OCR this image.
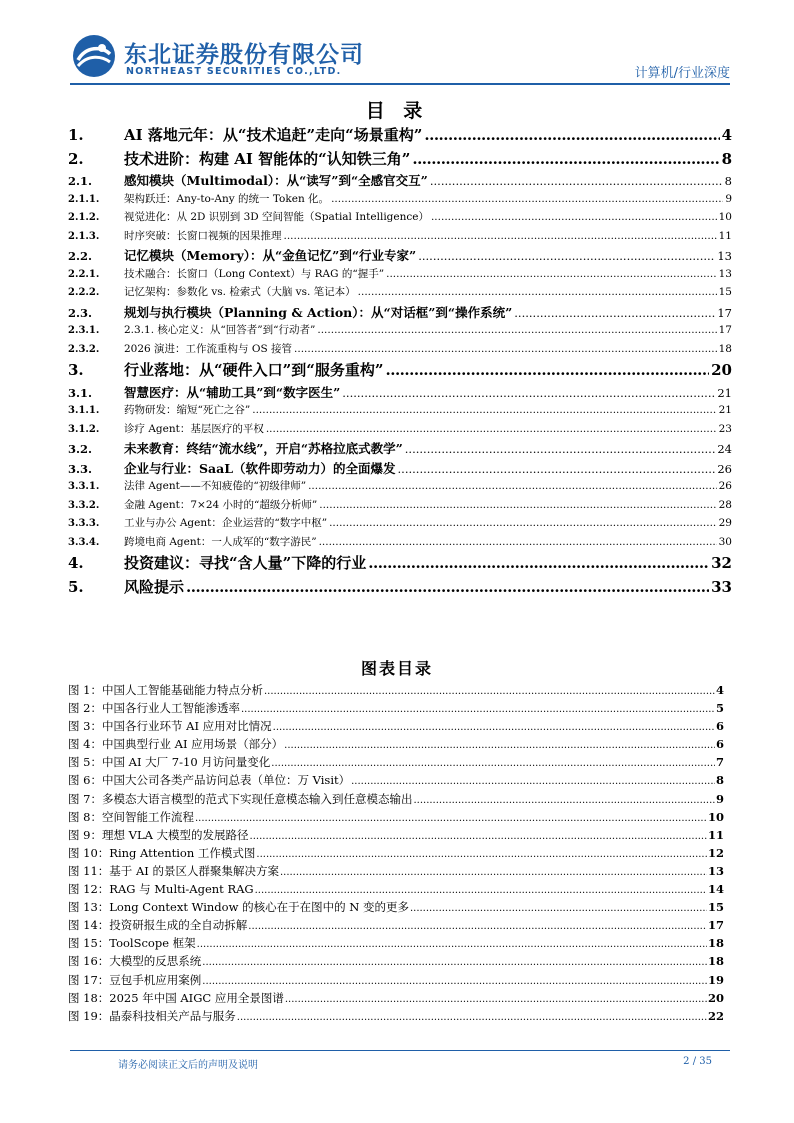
东北证券股份有限公司
NORTHEAST SECURITIES CO.,LTD.	计算机/行业深度
目 录
1.	AI 落地元年：从“技术追赶”走向“场景重构” .....	4
2.	技术进阶：构建 AI 智能体的“认知铁三角” .....	8
2.1.	感知模块（Multimodal）：从“读写”到“全感官交互” .....	8
2.1.1.	架构跃迁：Any-to-Any 的统一 Token 化。 .....	9
2.1.2.	视觉进化：从 2D 识别到 3D 空间智能（Spatial Intelligence） .....	10
2.1.3.	时序突破：长窗口视频的因果推理 .....	11
2.2.	记忆模块（Memory）：从“金鱼记忆”到“行业专家” .....	13
2.2.1.	技术融合：长窗口（Long Context）与 RAG 的“握手” .....	13
2.2.2.	记忆架构：参数化 vs. 检索式（大脑 vs. 笔记本） .....	15
2.3.	规划与执行模块（Planning & Action）：从“对话框”到“操作系统” .....	17
2.3.1.	2.3.1. 核心定义：从“回答者”到“行动者” .....	17
2.3.2.	2026 演进：工作流重构与 OS 接管 .....	18
3.	行业落地：从“硬件入口”到“服务重构” .....	20
3.1.	智慧医疗：从“辅助工具”到“数字医生” .....	21
3.1.1.	药物研发：缩短“死亡之谷” .....	21
3.1.2.	诊疗 Agent：基层医疗的平权 .....	23
3.2.	未来教育：终结“流水线”，开启“苏格拉底式教学” .....	24
3.3.	企业与行业：SaaL（软件即劳动力）的全面爆发 .....	26
3.3.1.	法律 Agent——不知疲倦的“初级律师” .....	26
3.3.2.	金融 Agent：7×24 小时的“超级分析师” .....	28
3.3.3.	工业与办公 Agent：企业运营的“数字中枢” .....	29
3.3.4.	跨境电商 Agent：一人成军的“数字游民” .....	30
4.	投资建议：寻找“含人量”下降的行业 .....	32
5.	风险提示 .....	33
图表目录
图 1： 中国人工智能基础能力特点分析 .....	4
图 2： 中国各行业人工智能渗透率 .....	5
图 3： 中国各行业环节 AI 应用对比情况 .....	6
图 4： 中国典型行业 AI 应用场景（部分） .....	6
图 5： 中国 AI 大厂 7-10 月访问量变化 .....	7
图 6： 中国大公司各类产品访问总表（单位：万 Visit） .....	8
图 7： 多模态大语言模型的范式下实现任意模态输入到任意模态输出 .....	9
图 8： 空间智能工作流程 .....	10
图 9： 理想 VLA 大模型的发展路径 .....	11
图 10： Ring Attention 工作模式图 .....	12
图 11： 基于 AI 的景区人群聚集解决方案 .....	13
图 12： RAG 与 Multi-Agent RAG .....	14
图 13： Long Context Window 的核心在于在图中的 N 变的更多 .....	15
图 14： 投资研报生成的全自动拆解 .....	17
图 15： ToolScope 框架 .....	18
图 16： 大模型的反思系统 .....	18
图 17： 豆包手机应用案例 .....	19
图 18： 2025 年中国 AIGC 应用全景图谱 .....	20
图 19： 晶泰科技相关产品与服务 .....	22
请务必阅读正文后的声明及说明	2 / 35
